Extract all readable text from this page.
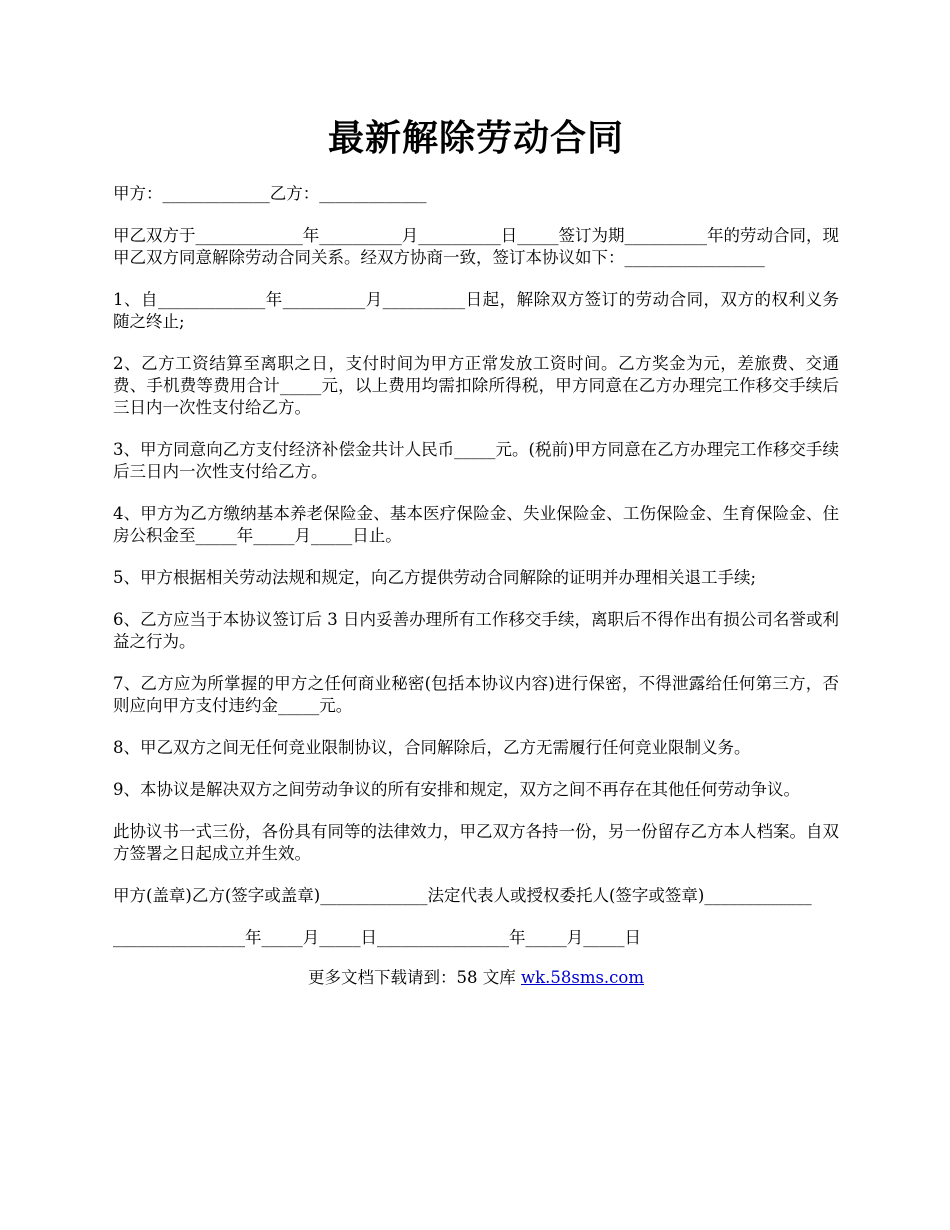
最新解除劳动合同

甲方：_____________乙方：_____________

甲乙双方于_____________年__________月__________日_____签订为期__________年的劳动合同，现甲乙双方同意解除劳动合同关系。经双方协商一致，签订本协议如下：_________________

1、自_____________年__________月__________日起，解除双方签订的劳动合同，双方的权利义务随之终止;

2、乙方工资结算至离职之日，支付时间为甲方正常发放工资时间。乙方奖金为元，差旅费、交通费、手机费等费用合计_____元，以上费用均需扣除所得税，甲方同意在乙方办理完工作移交手续后三日内一次性支付给乙方。

3、甲方同意向乙方支付经济补偿金共计人民币_____元。(税前)甲方同意在乙方办理完工作移交手续后三日内一次性支付给乙方。

4、甲方为乙方缴纳基本养老保险金、基本医疗保险金、失业保险金、工伤保险金、生育保险金、住房公积金至_____年_____月_____日止。

5、甲方根据相关劳动法规和规定，向乙方提供劳动合同解除的证明并办理相关退工手续;

6、乙方应当于本协议签订后 3 日内妥善办理所有工作移交手续，离职后不得作出有损公司名誉或利益之行为。

7、乙方应为所掌握的甲方之任何商业秘密(包括本协议内容)进行保密，不得泄露给任何第三方，否则应向甲方支付违约金_____元。

8、甲乙双方之间无任何竞业限制协议，合同解除后，乙方无需履行任何竞业限制义务。

9、本协议是解决双方之间劳动争议的所有安排和规定，双方之间不再存在其他任何劳动争议。

此协议书一式三份，各份具有同等的法律效力，甲乙双方各持一份，另一份留存乙方本人档案。自双方签署之日起成立并生效。

甲方(盖章)乙方(签字或盖章)_____________法定代表人或授权委托人(签字或签章)_____________

________________年_____月_____日________________年_____月_____日

更多文档下载请到：58 文库 wk.58sms.com
